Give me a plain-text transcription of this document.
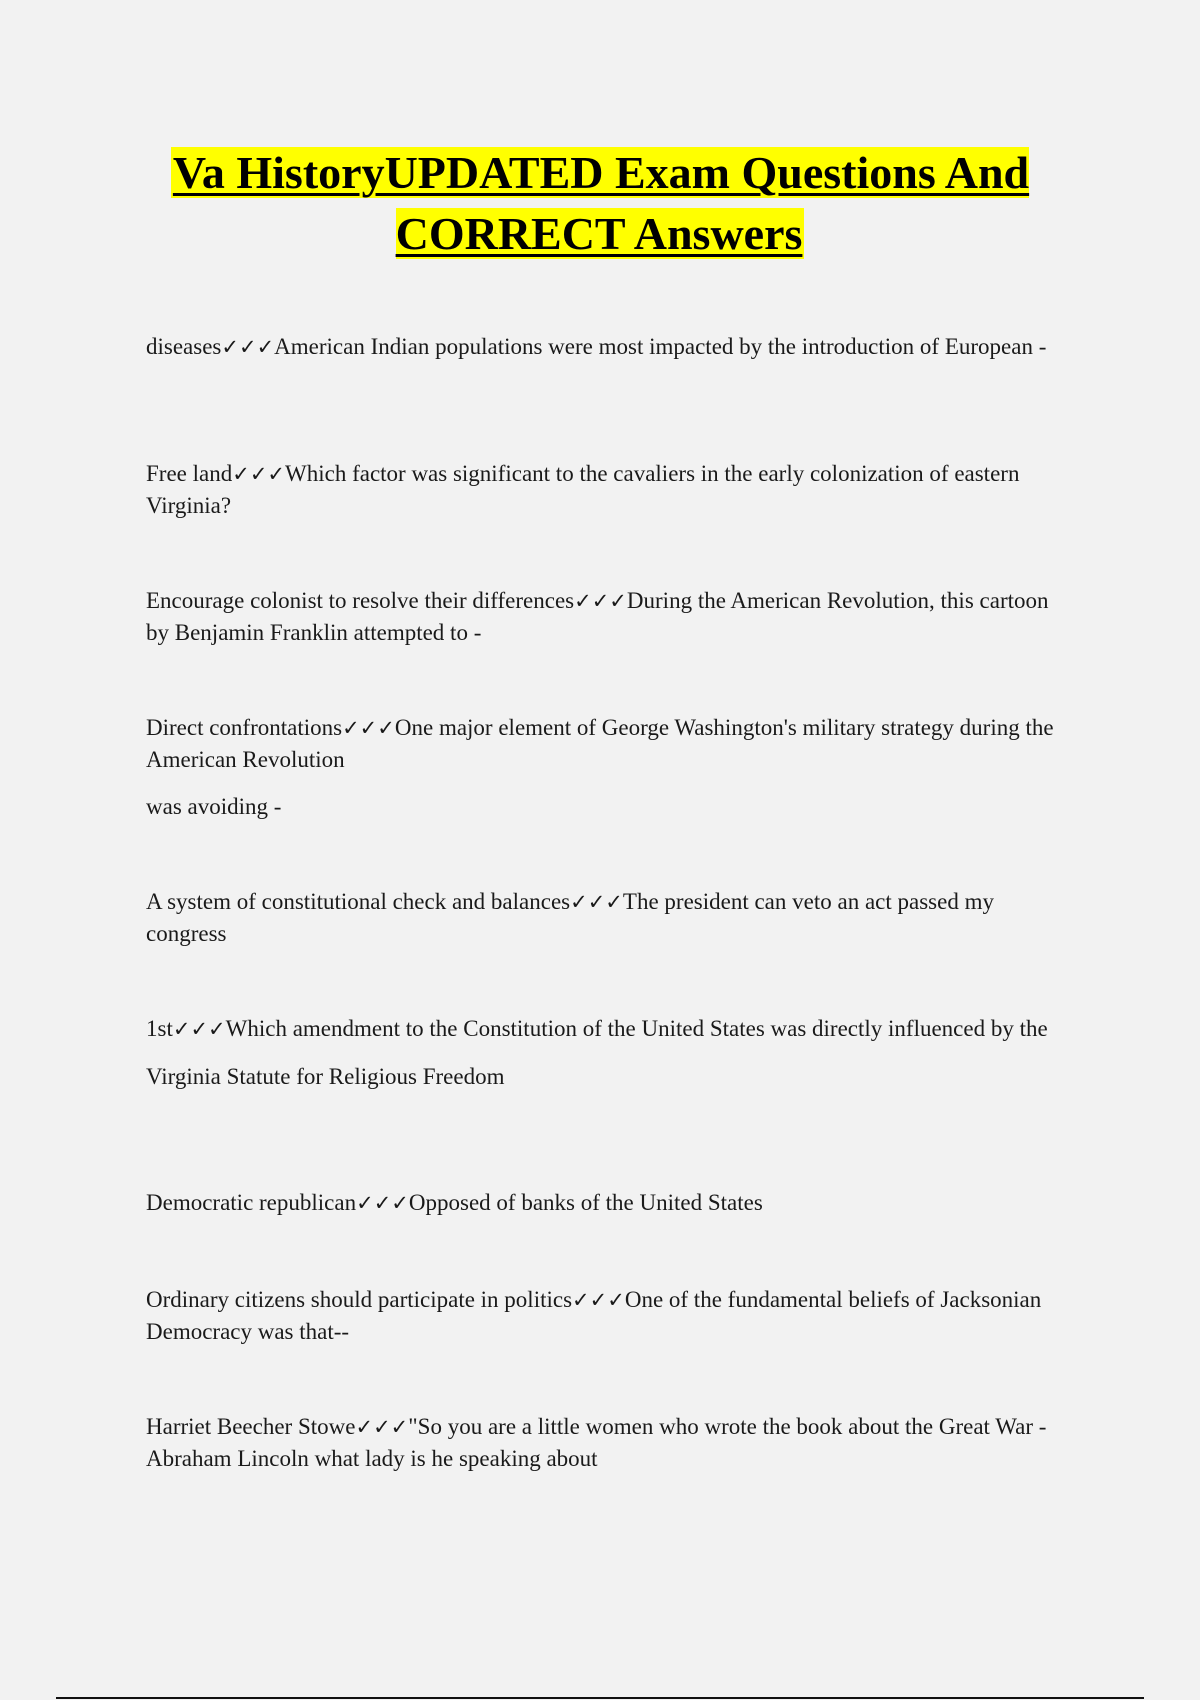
Va HistoryUPDATED Exam Questions And CORRECT Answers

diseases✓✓✓American Indian populations were most impacted by the introduction of European -

Free land✓✓✓Which factor was significant to the cavaliers in the early colonization of eastern Virginia?

Encourage colonist to resolve their differences✓✓✓During the American Revolution, this cartoon by Benjamin Franklin attempted to -

Direct confrontations✓✓✓One major element of George Washington's military strategy during the American Revolution

was avoiding -

A system of constitutional check and balances✓✓✓The president can veto an act passed my congress

1st✓✓✓Which amendment to the Constitution of the United States was directly influenced by the

Virginia Statute for Religious Freedom

Democratic republican✓✓✓Opposed of banks of the United States

Ordinary citizens should participate in politics✓✓✓One of the fundamental beliefs of Jacksonian Democracy was that--

Harriet Beecher Stowe✓✓✓"So you are a little women who wrote the book about the Great War - Abraham Lincoln what lady is he speaking about
